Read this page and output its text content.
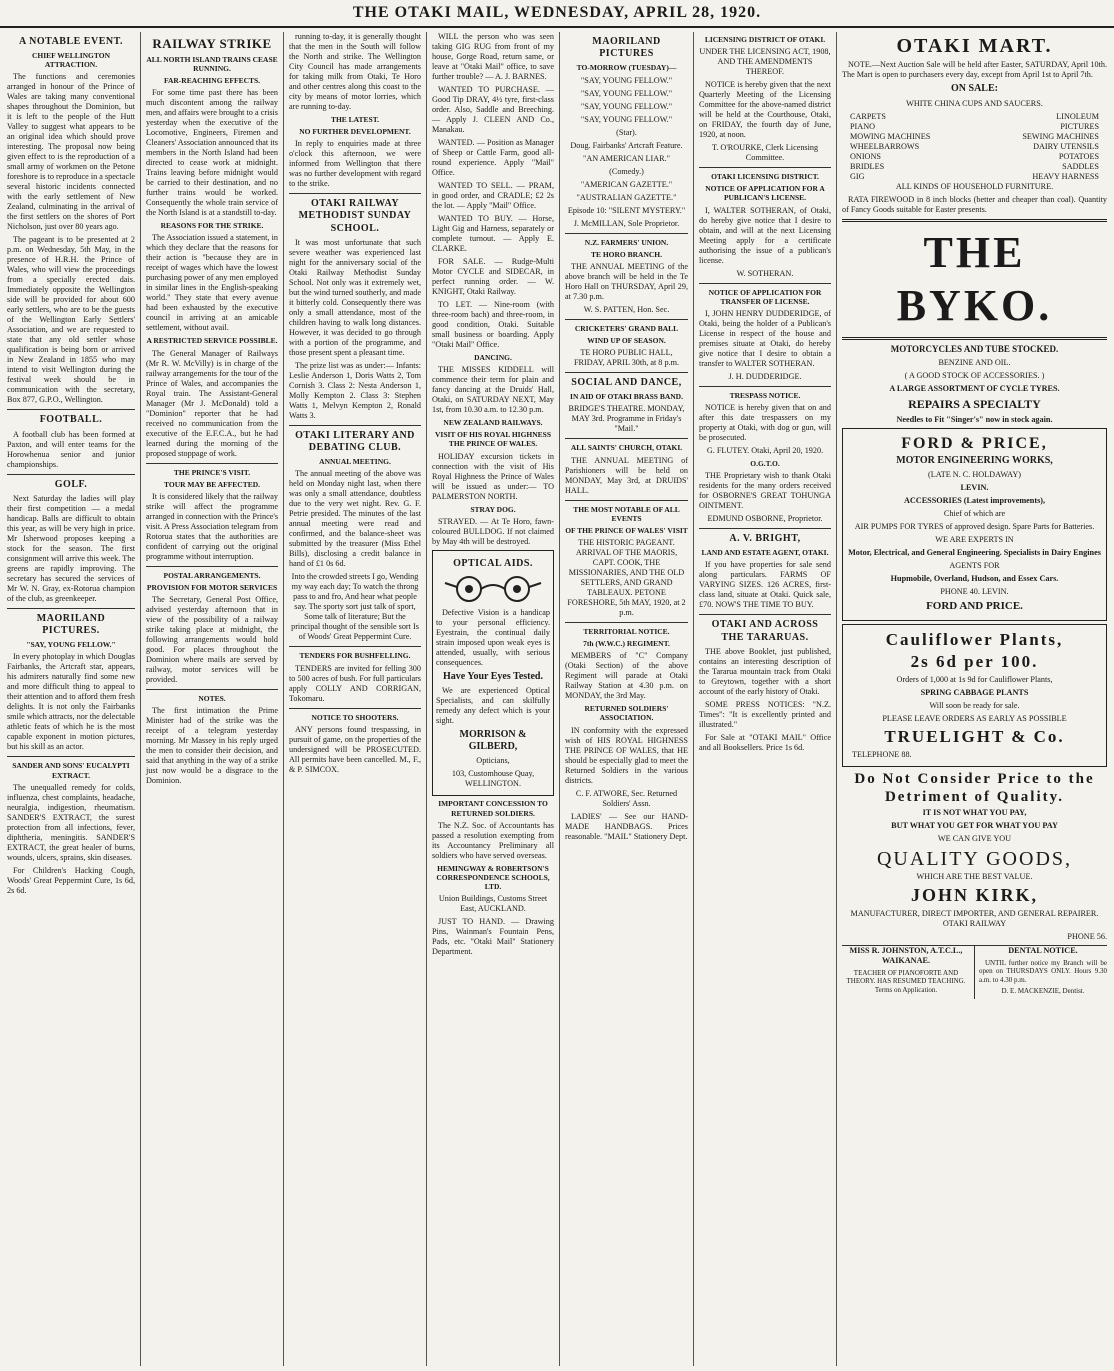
THE OTAKI MAIL, WEDNESDAY, APRIL 28, 1920.
A NOTABLE EVENT.
CHIEF WELLINGTON ATTRACTION.

The functions and ceremonies arranged in honour of the Prince of Wales are taking many conventional shapes throughout the Dominion, but it is left to the people of the Hutt Valley to suggest what appears to be an original idea which should prove interesting. The proposal now being given effect to is the reproduction of a small army of workmen on the Petone foreshore is to reproduce in a spectacle several historic incidents connected with the early settlement of New Zealand, culminating in the arrival of the first settlers on the shores of Port Nicholson, just over 80 years ago.

The pageant is to be presented at 2 p.m. on Wednesday, 5th May, in the presence of H.R.H. the Prince of Wales, who will view the proceedings from a specially erected dais. Immediately opposite the Wellington side will be provided for about 600 early settlers, who are to be the guests of the Wellington Early Settlers' Association, and we are requested to state that any old settler whose qualification is being born or arrived in New Zealand in 1855 who may intend to visit Wellington during the festival week should be in communication with the secretary, Box 877, G.P.O., Wellington.

FOOTBALL.

A football club has been formed at Paxton, and will enter teams for the Horowhenua senior and junior championships.

GOLF.

Next Saturday the ladies will play their first competition — a medal handicap. Balls are difficult to obtain this year, as will be very high in price. Mr Isherwood proposes keeping a stock for the season. The first consignment will arrive this week. The greens are rapidly improving. The secretary has secured the services of Mr W. N. Gray, ex-Rotorua champion of the club, as greenkeeper.

MAORILAND PICTURES.
"SAY, YOUNG FELLOW."

In every photoplay in which Douglas Fairbanks, the Artcraft star, appears, his admirers naturally find some new and more difficult thing to appeal to their attention and to afford them fresh delights. It is not only the Fairbanks smile which attracts, nor the delectable athletic feats of which he is the most capable exponent in motion pictures, but his skill as an actor.

SANDER AND SONS' EUCALYPTI EXTRACT.

The unequalled remedy for colds, influenza, chest complaints, headache, neuralgia, indigestion, rheumatism. SANDER'S EXTRACT, the surest protection from all infections, fever, diphtheria, meningitis. SANDER'S EXTRACT, the great healer of burns, wounds, ulcers, sprains, skin diseases.

For Children's Hacking Cough, Woods' Great Peppermint Cure, 1s 6d, 2s 6d.

RAILWAY STRIKE
ALL NORTH ISLAND TRAINS CEASE RUNNING.
FAR-REACHING EFFECTS.

For some time past there has been much discontent among the railway men, and affairs were brought to a crisis yesterday when the executive of the Locomotive, Engineers, Firemen and Cleaners' Association announced that its members in the North Island had been directed to cease work at midnight. Trains leaving before midnight would be carried to their destination, and no further trains would be worked. Consequently the whole train service of the North Island is at a standstill to-day.

REASONS FOR THE STRIKE.

The Association issued a statement, in which they declare that the reasons for their action is "because they are in receipt of wages which have the lowest purchasing power of any men employed in similar lines in the English-speaking world." They state that every avenue had been exhausted by the executive council in arriving at an amicable settlement, without avail.

A RESTRICTED SERVICE POSSIBLE.

The General Manager of Railways (Mr R. W. McVilly) is in charge of the railway arrangements for the tour of the Prince of Wales, and accompanies the Royal train. The Assistant-General Manager (Mr J. McDonald) told a "Dominion" reporter that he had received no communication from the executive of the E.F.C.A., but he had learned during the morning of the proposed stoppage of work.

THE PRINCE'S VISIT.
TOUR MAY BE AFFECTED.

It is considered likely that the railway strike will affect the programme arranged in connection with the Prince's visit. A Press Association telegram from Rotorua states that the authorities are confident of carrying out the original programme without interruption.

POSTAL ARRANGEMENTS.
PROVISION FOR MOTOR SERVICES

The Secretary, General Post Office, advised yesterday afternoon that in view of the possibility of a railway strike taking place at midnight, the following arrangements would hold good. For places throughout the Dominion where mails are served by railway, motor services will be provided.

NOTES.

The first intimation the Prime Minister had of the strike was the receipt of a telegram yesterday morning. Mr Massey in his reply urged the men to consider their decision, and said that anything in the way of a strike just now would be a disgrace to the Dominion.

running to-day, it is generally thought that the men in the South will follow the North and strike. The Wellington City Council has made arrangements for taking milk from Otaki, Te Horo and other centres along this coast to the city by means of motor lorries, which are running to-day.

THE LATEST.
NO FURTHER DEVELOPMENT.

In reply to enquiries made at three o'clock this afternoon, we were informed from Wellington that there was no further development with regard to the strike.

OTAKI RAILWAY METHODIST SUNDAY SCHOOL.

It was most unfortunate that such severe weather was experienced last night for the anniversary social of the Otaki Railway Methodist Sunday School. Not only was it extremely wet, but the wind turned southerly, and made it bitterly cold. Consequently there was only a small attendance, most of the children having to walk long distances. However, it was decided to go through with a portion of the programme, and those present spent a pleasant time.

The prize list was as under:— Infants: Leslie Anderson 1, Doris Watts 2, Tom Cornish 3. Class 2: Nesta Anderson 1, Molly Kempton 2. Class 3: Stephen Watts 1, Melvyn Kempton 2, Ronald Watts 3.

OTAKI LITERARY AND DEBATING CLUB.
ANNUAL MEETING.

The annual meeting of the above was held on Monday night last, when there was only a small attendance, doubtless due to the very wet night. Rev. G. F. Petrie presided. The minutes of the last annual meeting were read and confirmed, and the balance-sheet was submitted by the treasurer (Miss Ethel Bills), disclosing a credit balance in hand of £1 0s 6d.

Into the crowded streets I go, Wending my way each day; To watch the throng pass to and fro, And hear what people say. The sporty sort just talk of sport, Some talk of literature; But the principal thought of the sensible sort Is of Woods' Great Peppermint Cure.

TENDERS FOR BUSHFELLING.

TENDERS are invited for felling 300 to 500 acres of bush. For full particulars apply COLLY AND CORRIGAN, Tokomaru.

NOTICE TO SHOOTERS.

ANY persons found trespassing, in pursuit of game, on the properties of the undersigned will be PROSECUTED. All permits have been cancelled. M., F., & P. SIMCOX.

WILL the person who was seen taking GIG RUG from front of my house, Gorge Road, return same, or leave at "Otaki Mail" office, to save further trouble? — A. J. BARNES.

WANTED TO PURCHASE. — Good Tip DRAY, 4½ tyre, first-class order. Also, Saddle and Breeching. — Apply J. CLEEN AND Co., Manakau.

WANTED. — Position as Manager of Sheep or Cattle Farm, good all-round experience. Apply "Mail" Office.

WANTED TO SELL. — PRAM, in good order, and CRADLE; £2 2s the lot. — Apply "Mail" Office.

WANTED TO BUY. — Horse, Light Gig and Harness, separately or complete turnout. — Apply E. CLARKE.

FOR SALE. — Rudge-Multi Motor CYCLE and SIDECAR, in perfect running order. — W. KNIGHT, Otaki Railway.

TO LET. — Nine-room (with three-room bach) and three-room, in good condition, Otaki. Suitable small business or boarding. Apply "Otaki Mail" Office.

DANCING.

THE MISSES KIDDELL will commence their term for plain and fancy dancing at the Druids' Hall, Otaki, on SATURDAY NEXT, May 1st, from 10.30 a.m. to 12.30 p.m.

NEW ZEALAND RAILWAYS.
VISIT OF HIS ROYAL HIGHNESS THE PRINCE OF WALES.

HOLIDAY excursion tickets in connection with the visit of His Royal Highness the Prince of Wales will be issued as under:— TO PALMERSTON NORTH.

STRAY DOG.

STRAYED. — At Te Horo, fawn-coloured BULLDOG. If not claimed by May 4th will be destroyed.

OPTICAL AIDS.

Defective Vision is a handicap to your personal efficiency. Eyestrain, the continual daily strain imposed upon weak eyes is attended, usually, with serious consequences.

Have Your Eyes Tested.

We are experienced Optical Specialists, and can skilfully remedy any defect which is your sight.

MORRISON & GILBERD,

Opticians,

103, Customhouse Quay, WELLINGTON.

IMPORTANT CONCESSION TO RETURNED SOLDIERS.

The N.Z. Soc. of Accountants has passed a resolution exempting from its Accountancy Preliminary all soldiers who have served overseas.

HEMINGWAY & ROBERTSON'S CORRESPONDENCE SCHOOLS, LTD.

Union Buildings, Customs Street East, AUCKLAND.

JUST TO HAND. — Drawing Pins, Wainman's Fountain Pens, Pads, etc. "Otaki Mail" Stationery Department.

MAORILAND PICTURES
TO-MORROW (TUESDAY)—

"SAY, YOUNG FELLOW."

"SAY, YOUNG FELLOW."

"SAY, YOUNG FELLOW."

"SAY, YOUNG FELLOW."

(Star).

Doug. Fairbanks' Artcraft Feature.

"AN AMERICAN LIAR."

(Comedy.)

"AMERICAN GAZETTE."

"AUSTRALIAN GAZETTE."

Episode 10: "SILENT MYSTERY."

J. McMILLAN, Sole Proprietor.

N.Z. FARMERS' UNION.
TE HORO BRANCH.

THE ANNUAL MEETING of the above branch will be held in the Te Horo Hall on THURSDAY, April 29, at 7.30 p.m.

W. S. PATTEN, Hon. Sec.

CRICKETERS' GRAND BALL
WIND UP OF SEASON.

TE HORO PUBLIC HALL, FRIDAY, APRIL 30th, at 8 p.m.

SOCIAL AND DANCE,
IN AID OF OTAKI BRASS BAND.

BRIDGE'S THEATRE. MONDAY, MAY 3rd. Programme in Friday's "Mail."

ALL SAINTS' CHURCH, OTAKI.

THE ANNUAL MEETING of Parishioners will be held on MONDAY, May 3rd, at DRUIDS' HALL.

THE MOST NOTABLE OF ALL EVENTS
OF THE PRINCE OF WALES' VISIT

THE HISTORIC PAGEANT. ARRIVAL OF THE MAORIS, CAPT. COOK, THE MISSIONARIES, AND THE OLD SETTLERS, AND GRAND TABLEAUX. PETONE FORESHORE, 5th MAY, 1920, at 2 p.m.

TERRITORIAL NOTICE.
7th (W.W.C.) REGIMENT.

MEMBERS of "C" Company (Otaki Section) of the above Regiment will parade at Otaki Railway Station at 4.30 p.m. on MONDAY, the 3rd May.

RETURNED SOLDIERS' ASSOCIATION.

IN conformity with the expressed wish of HIS ROYAL HIGHNESS THE PRINCE OF WALES, that HE should be especially glad to meet the Returned Soldiers in the various districts.

C. F. ATWORE, Sec. Returned Soldiers' Assn.

LADIES' — See our HAND-MADE HANDBAGS. Prices reasonable. "MAIL" Stationery Dept.

LICENSING DISTRICT OF OTAKI.

UNDER THE LICENSING ACT, 1908, AND THE AMENDMENTS THEREOF.

NOTICE is hereby given that the next Quarterly Meeting of the Licensing Committee for the above-named district will be held at the Courthouse, Otaki, on FRIDAY, the fourth day of June, 1920, at noon.

T. O'ROURKE, Clerk Licensing Committee.

OTAKI LICENSING DISTRICT.
NOTICE OF APPLICATION FOR A PUBLICAN'S LICENSE.

I, WALTER SOTHERAN, of Otaki, do hereby give notice that I desire to obtain, and will at the next Licensing Meeting apply for a certificate authorising the issue of a publican's license.

W. SOTHERAN.

NOTICE OF APPLICATION FOR TRANSFER OF LICENSE.

I, JOHN HENRY DUDDERIDGE, of Otaki, being the holder of a Publican's License in respect of the house and premises situate at Otaki, do hereby give notice that I desire to obtain a transfer to WALTER SOTHERAN.

J. H. DUDDERIDGE.

TRESPASS NOTICE.

NOTICE is hereby given that on and after this date trespassers on my property at Otaki, with dog or gun, will be prosecuted.

G. FLUTEY. Otaki, April 20, 1920.

O.G.T.O.

THE Proprietary wish to thank Otaki residents for the many orders received for OSBORNE'S GREAT TOHUNGA OINTMENT.

EDMUND OSBORNE, Proprietor.

A. V. BRIGHT,
LAND AND ESTATE AGENT, OTAKI.

If you have properties for sale send along particulars. FARMS OF VARYING SIZES. 126 ACRES, first-class land, situate at Otaki. Quick sale, £70. NOW'S THE TIME TO BUY.

OTAKI AND ACROSS THE TARARUAS.

THE above Booklet, just published, contains an interesting description of the Tararua mountain track from Otaki to Greytown, together with a short account of the early history of Otaki.

SOME PRESS NOTICES: "N.Z. Times": "It is excellently printed and illustrated."

For Sale at "OTAKI MAIL" Office and all Booksellers. Price 1s 6d.

OTAKI MART.

NOTE.—Next Auction Sale will be held after Easter, SATURDAY, April 10th. The Mart is open to purchasers every day, except from April 1st to April 7th.

ON SALE:

WHITE CHINA CUPS AND SAUCERS.

CARPETS
PIANO
MOWING MACHINES
WHEELBARROWS
ONIONS
BRIDLES
GIG
LINOLEUM
PICTURES
SEWING MACHINES
DAIRY UTENSILS
POTATOES
SADDLES
HEAVY HARNESS

ALL KINDS OF HOUSEHOLD FURNITURE.

RATA FIREWOOD in 8 inch blocks (better and cheaper than coal). Quantity of Fancy Goods suitable for Easter presents.

THE BYKO.

MOTORCYCLES AND TUBE STOCKED.

BENZINE AND OIL.

( A GOOD STOCK OF ACCESSORIES. )

A LARGE ASSORTMENT OF CYCLE TYRES.

REPAIRS A SPECIALTY

Needles to Fit "Singer's" now in stock again.

FORD & PRICE,

MOTOR ENGINEERING WORKS,

(LATE N. C. HOLDAWAY)

LEVIN.

ACCESSORIES (Latest improvements),

Chief of which are

AIR PUMPS FOR TYRES of approved design. Spare Parts for Batteries.

WE ARE EXPERTS IN

Motor, Electrical, and General Engineering. Specialists in Dairy Engines

AGENTS FOR

Hupmobile, Overland, Hudson, and Essex Cars.

PHONE 40. LEVIN.

FORD AND PRICE.

Cauliflower Plants,
2s 6d per 100.

Orders of 1,000 at 1s 9d for Cauliflower Plants,

SPRING CABBAGE PLANTS

Will soon be ready for sale.

PLEASE LEAVE ORDERS AS EARLY AS POSSIBLE

TRUELIGHT & Co.

TELEPHONE 88.

Do Not Consider Price to the Detriment of Quality.

IT IS NOT WHAT YOU PAY,

BUT WHAT YOU GET FOR WHAT YOU PAY

WE CAN GIVE YOU

QUALITY GOODS,

WHICH ARE THE BEST VALUE.

JOHN KIRK,

MANUFACTURER, DIRECT IMPORTER, AND GENERAL REPAIRER. OTAKI RAILWAY

PHONE 56.

MISS R. JOHNSTON, A.T.C.L., WAIKANAE.

TEACHER OF PIANOFORTE AND THEORY. HAS RESUMED TEACHING. Terms on Application.

DENTAL NOTICE.

UNTIL further notice my Branch will be open on THURSDAYS ONLY. Hours 9.30 a.m. to 4.30 p.m.

D. E. MACKENZIE, Dentist.
